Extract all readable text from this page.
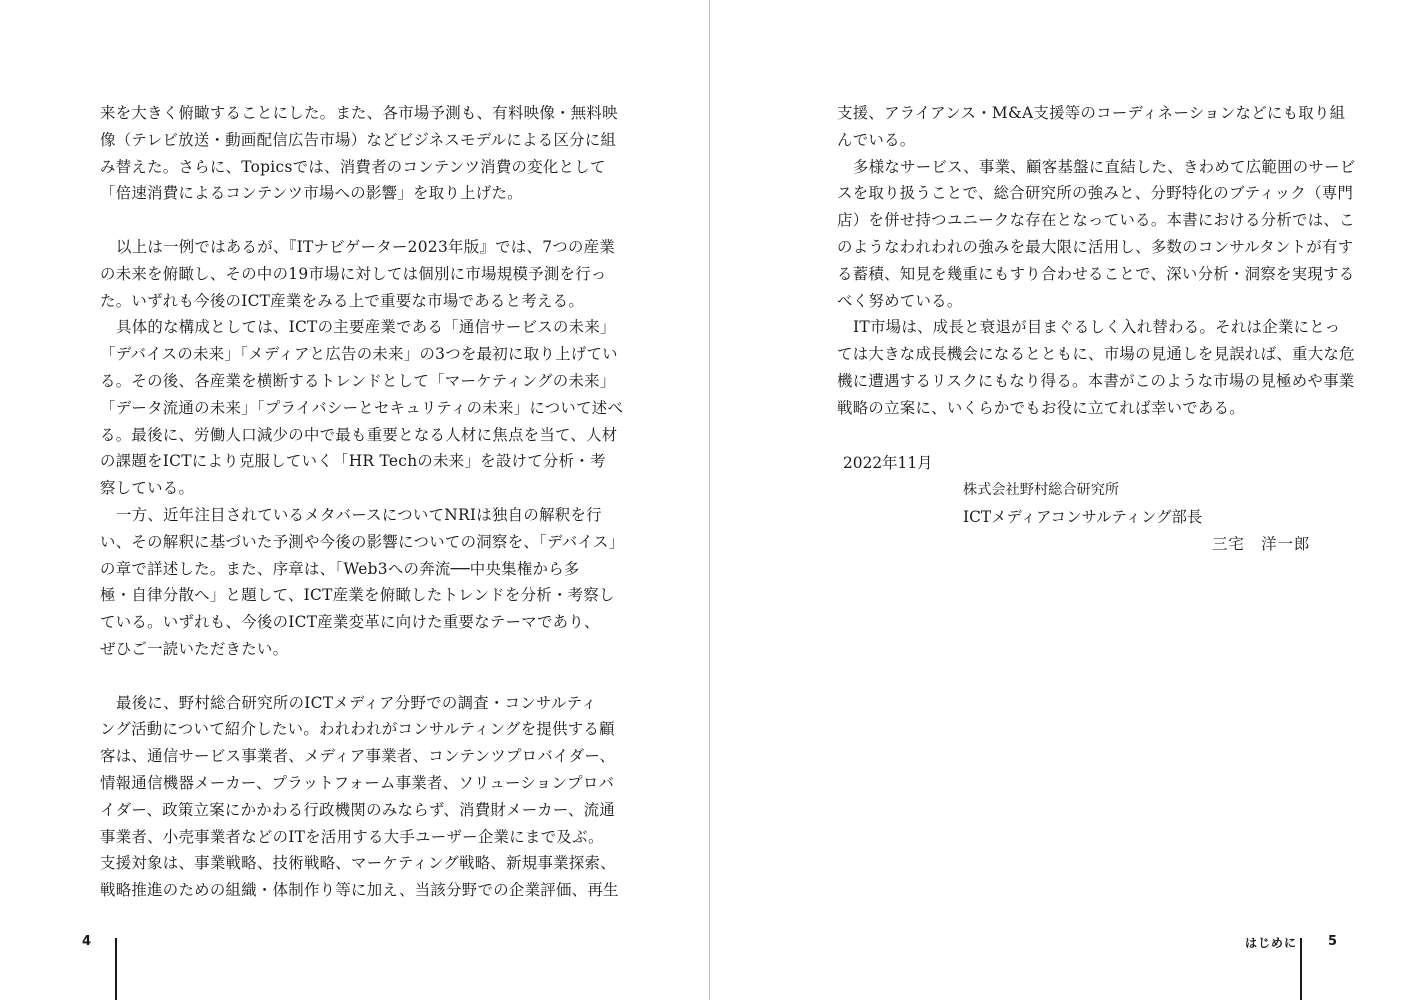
来を大きく俯瞰することにした。また、各市場予測も、有料映像・無料映
像（テレビ放送・動画配信広告市場）などビジネスモデルによる区分に組
み替えた。さらに、Topicsでは、消費者のコンテンツ消費の変化として
「倍速消費によるコンテンツ市場への影響」を取り上げた。
以上は一例ではあるが、『ITナビゲーター2023年版』では、7つの産業
の未来を俯瞰し、その中の19市場に対しては個別に市場規模予測を行っ
た。いずれも今後のICT産業をみる上で重要な市場であると考える。
具体的な構成としては、ICTの主要産業である「通信サービスの未来」
「デバイスの未来」「メディアと広告の未来」の3つを最初に取り上げてい
る。その後、各産業を横断するトレンドとして「マーケティングの未来」
「データ流通の未来」「プライバシーとセキュリティの未来」について述べ
る。最後に、労働人口減少の中で最も重要となる人材に焦点を当て、人材
の課題をICTにより克服していく「HR Techの未来」を設けて分析・考
察している。
一方、近年注目されているメタバースについてNRIは独自の解釈を行
い、その解釈に基づいた予測や今後の影響についての洞察を、「デバイス」
の章で詳述した。また、序章は、「Web3への奔流──中央集権から多
極・自律分散へ」と題して、ICT産業を俯瞰したトレンドを分析・考察し
ている。いずれも、今後のICT産業変革に向けた重要なテーマであり、
ぜひご一読いただきたい。
最後に、野村総合研究所のICTメディア分野での調査・コンサルティ
ング活動について紹介したい。われわれがコンサルティングを提供する顧
客は、通信サービス事業者、メディア事業者、コンテンツプロバイダー、
情報通信機器メーカー、プラットフォーム事業者、ソリューションプロバ
イダー、政策立案にかかわる行政機関のみならず、消費財メーカー、流通
事業者、小売事業者などのITを活用する大手ユーザー企業にまで及ぶ。
支援対象は、事業戦略、技術戦略、マーケティング戦略、新規事業探索、
戦略推進のための組織・体制作り等に加え、当該分野での企業評価、再生
4
支援、アライアンス・M&A支援等のコーディネーションなどにも取り組
んでいる。
多様なサービス、事業、顧客基盤に直結した、きわめて広範囲のサービ
スを取り扱うことで、総合研究所の強みと、分野特化のブティック（専門
店）を併せ持つユニークな存在となっている。本書における分析では、こ
のようなわれわれの強みを最大限に活用し、多数のコンサルタントが有す
る蓄積、知見を幾重にもすり合わせることで、深い分析・洞察を実現する
べく努めている。
IT市場は、成長と衰退が目まぐるしく入れ替わる。それは企業にとっ
ては大きな成長機会になるとともに、市場の見通しを見誤れば、重大な危
機に遭遇するリスクにもなり得る。本書がこのような市場の見極めや事業
戦略の立案に、いくらかでもお役に立てれば幸いである。
2022年11月
株式会社野村総合研究所
ICTメディアコンサルティング部長
三宅　洋一郎
はじめに 5
